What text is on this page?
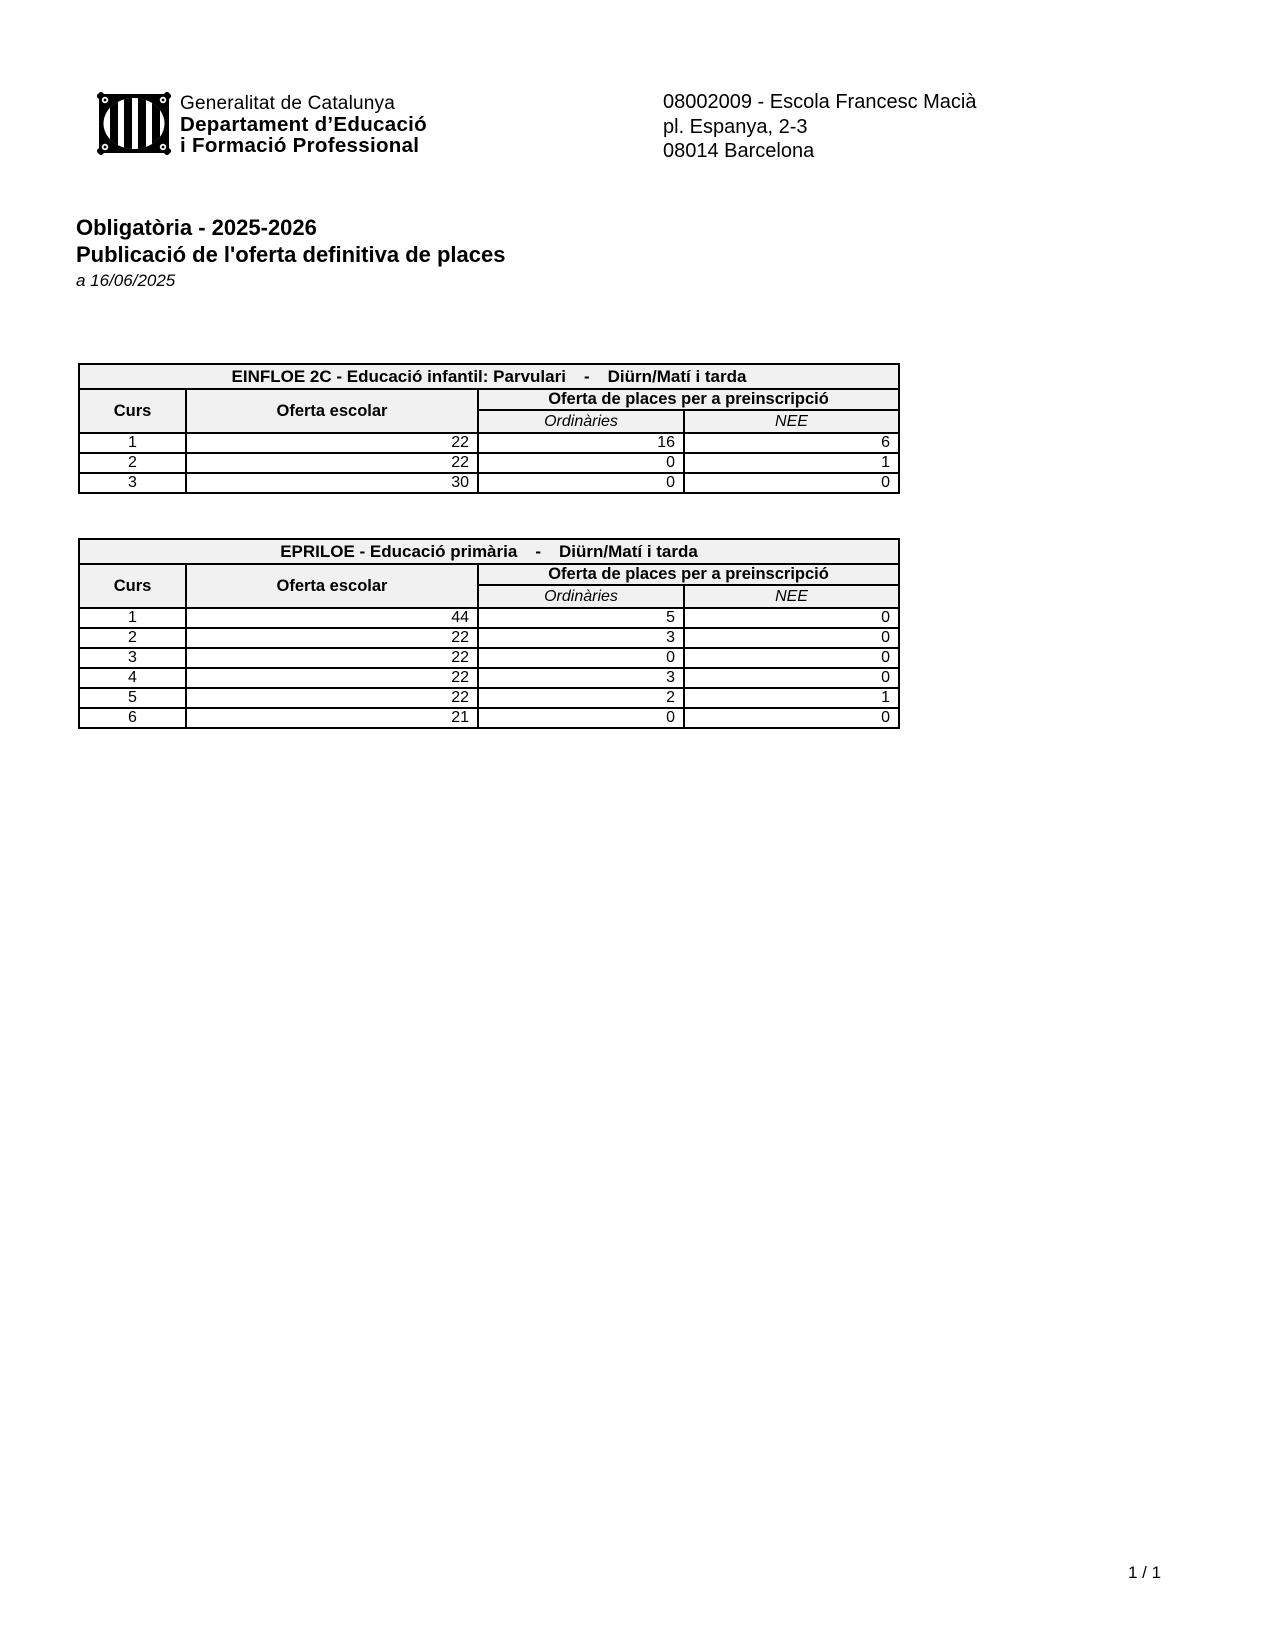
Generalitat de Catalunya
Departament d’Educació
i Formació Professional
08002009 - Escola Francesc Macià
pl. Espanya, 2-3
08014 Barcelona
Obligatòria - 2025-2026
Publicació de l'oferta definitiva de places
a 16/06/2025
EINFLOE 2C - Educació infantil: Parvulari - Diürn/Matí i tarda			
Curs	Oferta escolar	Oferta de places per a preinscripció	
		Ordinàries	NEE
1	22	16	6
2	22	0	1
3	30	0	0
EPRILOE - Educació primària - Diürn/Matí i tarda			
Curs	Oferta escolar	Oferta de places per a preinscripció	
		Ordinàries	NEE
1	44	5	0
2	22	3	0
3	22	0	0
4	22	3	0
5	22	2	1
6	21	0	0
1 / 1
